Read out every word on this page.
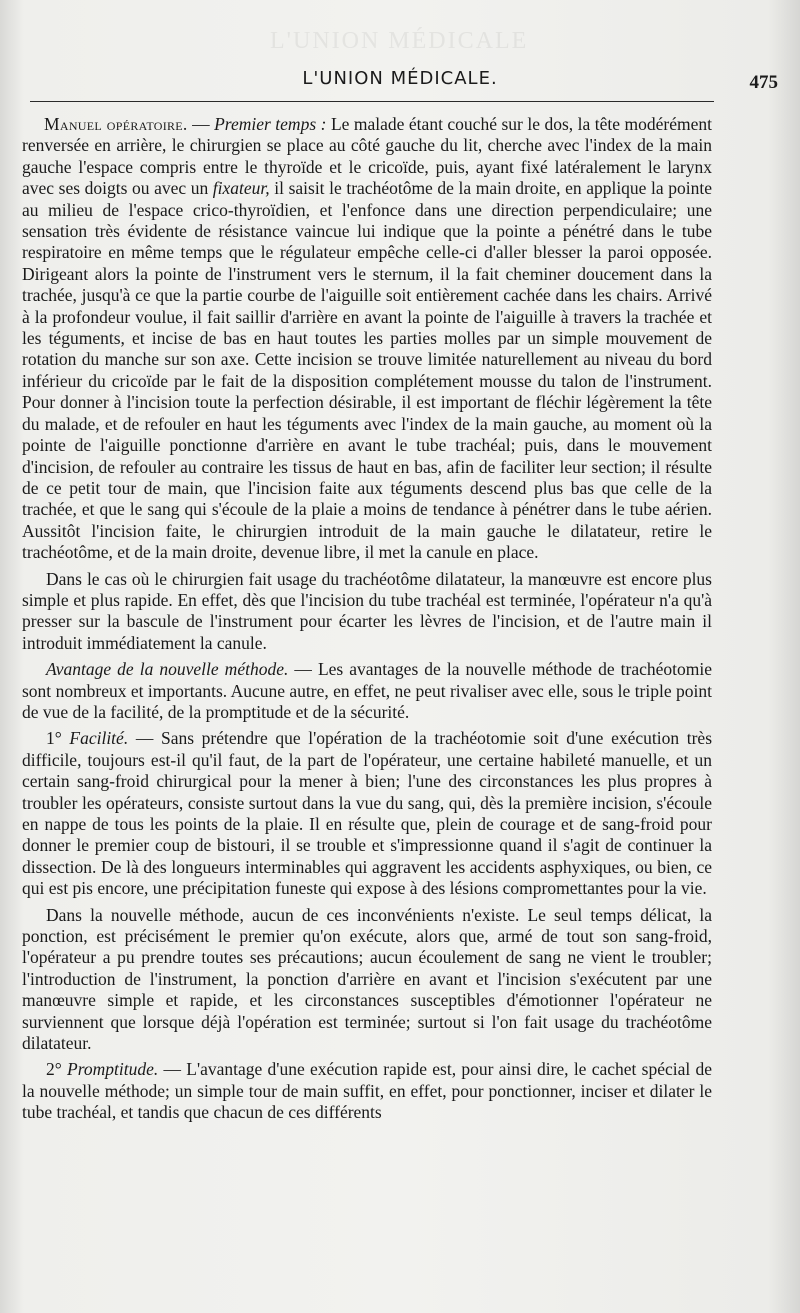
L'UNION MÉDICALE
L'UNION MÉDICALE.	475

Manuel opératoire. — Premier temps : Le malade étant couché sur le dos, la tête modérément renversée en arrière, le chirurgien se place au côté gauche du lit, cherche avec l'index de la main gauche l'espace compris entre le thyroïde et le cricoïde, puis, ayant fixé latéralement le larynx avec ses doigts ou avec un fixateur, il saisit le trachéotôme de la main droite, en applique la pointe au milieu de l'espace crico-thyroïdien, et l'enfonce dans une direction perpendiculaire; une sensation très évidente de résistance vaincue lui indique que la pointe a pénétré dans le tube respiratoire en même temps que le régulateur empêche celle-ci d'aller blesser la paroi opposée. Dirigeant alors la pointe de l'instrument vers le sternum, il la fait cheminer doucement dans la trachée, jusqu'à ce que la partie courbe de l'aiguille soit entièrement cachée dans les chairs. Arrivé à la profondeur voulue, il fait saillir d'arrière en avant la pointe de l'aiguille à travers la trachée et les téguments, et incise de bas en haut toutes les parties molles par un simple mouvement de rotation du manche sur son axe. Cette incision se trouve limitée naturellement au niveau du bord inférieur du cricoïde par le fait de la disposition complétement mousse du talon de l'instrument. Pour donner à l'incision toute la perfection désirable, il est important de fléchir légèrement la tête du malade, et de refouler en haut les téguments avec l'index de la main gauche, au moment où la pointe de l'aiguille ponctionne d'arrière en avant le tube trachéal; puis, dans le mouvement d'incision, de refouler au contraire les tissus de haut en bas, afin de faciliter leur section; il résulte de ce petit tour de main, que l'incision faite aux téguments descend plus bas que celle de la trachée, et que le sang qui s'écoule de la plaie a moins de tendance à pénétrer dans le tube aérien. Aussitôt l'incision faite, le chirurgien introduit de la main gauche le dilatateur, retire le trachéotôme, et de la main droite, devenue libre, il met la canule en place.

Dans le cas où le chirurgien fait usage du trachéotôme dilatateur, la manœuvre est encore plus simple et plus rapide. En effet, dès que l'incision du tube trachéal est terminée, l'opérateur n'a qu'à presser sur la bascule de l'instrument pour écarter les lèvres de l'incision, et de l'autre main il introduit immédiatement la canule.

Avantage de la nouvelle méthode. — Les avantages de la nouvelle méthode de trachéotomie sont nombreux et importants. Aucune autre, en effet, ne peut rivaliser avec elle, sous le triple point de vue de la facilité, de la promptitude et de la sécurité.

1° Facilité. — Sans prétendre que l'opération de la trachéotomie soit d'une exécution très difficile, toujours est-il qu'il faut, de la part de l'opérateur, une certaine habileté manuelle, et un certain sang-froid chirurgical pour la mener à bien; l'une des circonstances les plus propres à troubler les opérateurs, consiste surtout dans la vue du sang, qui, dès la première incision, s'écoule en nappe de tous les points de la plaie. Il en résulte que, plein de courage et de sang-froid pour donner le premier coup de bistouri, il se trouble et s'impressionne quand il s'agit de continuer la dissection. De là des longueurs interminables qui aggravent les accidents asphyxiques, ou bien, ce qui est pis encore, une précipitation funeste qui expose à des lésions compromettantes pour la vie.

Dans la nouvelle méthode, aucun de ces inconvénients n'existe. Le seul temps délicat, la ponction, est précisément le premier qu'on exécute, alors que, armé de tout son sang-froid, l'opérateur a pu prendre toutes ses précautions; aucun écoulement de sang ne vient le troubler; l'introduction de l'instrument, la ponction d'arrière en avant et l'incision s'exécutent par une manœuvre simple et rapide, et les circonstances susceptibles d'émotionner l'opérateur ne surviennent que lorsque déjà l'opération est terminée; surtout si l'on fait usage du trachéotôme dilatateur.

2° Promptitude. — L'avantage d'une exécution rapide est, pour ainsi dire, le cachet spécial de la nouvelle méthode; un simple tour de main suffit, en effet, pour ponctionner, inciser et dilater le tube trachéal, et tandis que chacun de ces différents
